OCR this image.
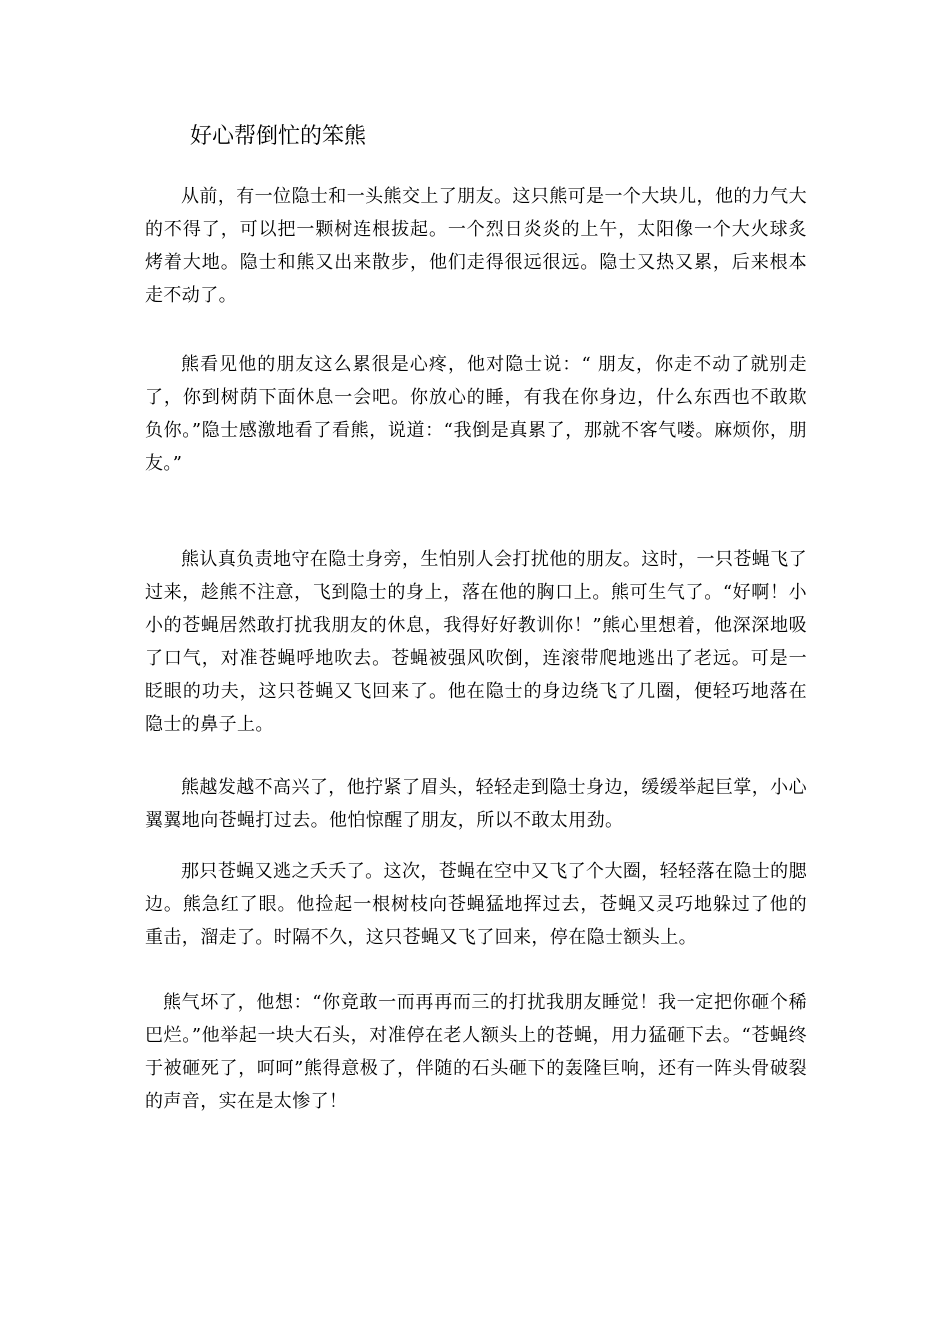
好心帮倒忙的笨熊

从前，有一位隐士和一头熊交上了朋友。这只熊可是一个大块儿，他的力气大的不得了，可以把一颗树连根拔起。一个烈日炎炎的上午，太阳像一个大火球炙烤着大地。隐士和熊又出来散步，他们走得很远很远。隐士又热又累，后来根本走不动了。

熊看见他的朋友这么累很是心疼，他对隐士说：“ 朋友，你走不动了就别走了，你到树荫下面休息一会吧。你放心的睡，有我在你身边，什么东西也不敢欺负你。”隐士感激地看了看熊，说道：“我倒是真累了，那就不客气喽。麻烦你，朋友。”

熊认真负责地守在隐士身旁，生怕别人会打扰他的朋友。这时，一只苍蝇飞了过来，趁熊不注意，飞到隐士的身上，落在他的胸口上。熊可生气了。“好啊！小小的苍蝇居然敢打扰我朋友的休息，我得好好教训你！”熊心里想着，他深深地吸了口气，对准苍蝇呼地吹去。苍蝇被强风吹倒，连滚带爬地逃出了老远。可是一眨眼的功夫，这只苍蝇又飞回来了。他在隐士的身边绕飞了几圈，便轻巧地落在隐士的鼻子上。

熊越发越不高兴了，他拧紧了眉头，轻轻走到隐士身边，缓缓举起巨掌，小心翼翼地向苍蝇打过去。他怕惊醒了朋友，所以不敢太用劲。

那只苍蝇又逃之夭夭了。这次，苍蝇在空中又飞了个大圈，轻轻落在隐士的腮边。熊急红了眼。他捡起一根树枝向苍蝇猛地挥过去，苍蝇又灵巧地躲过了他的重击，溜走了。时隔不久，这只苍蝇又飞了回来，停在隐士额头上。

熊气坏了，他想：“你竟敢一而再再而三的打扰我朋友睡觉！我一定把你砸个稀巴烂。”他举起一块大石头，对准停在老人额头上的苍蝇，用力猛砸下去。“苍蝇终于被砸死了，呵呵”熊得意极了，伴随的石头砸下的轰隆巨响，还有一阵头骨破裂的声音，实在是太惨了！
